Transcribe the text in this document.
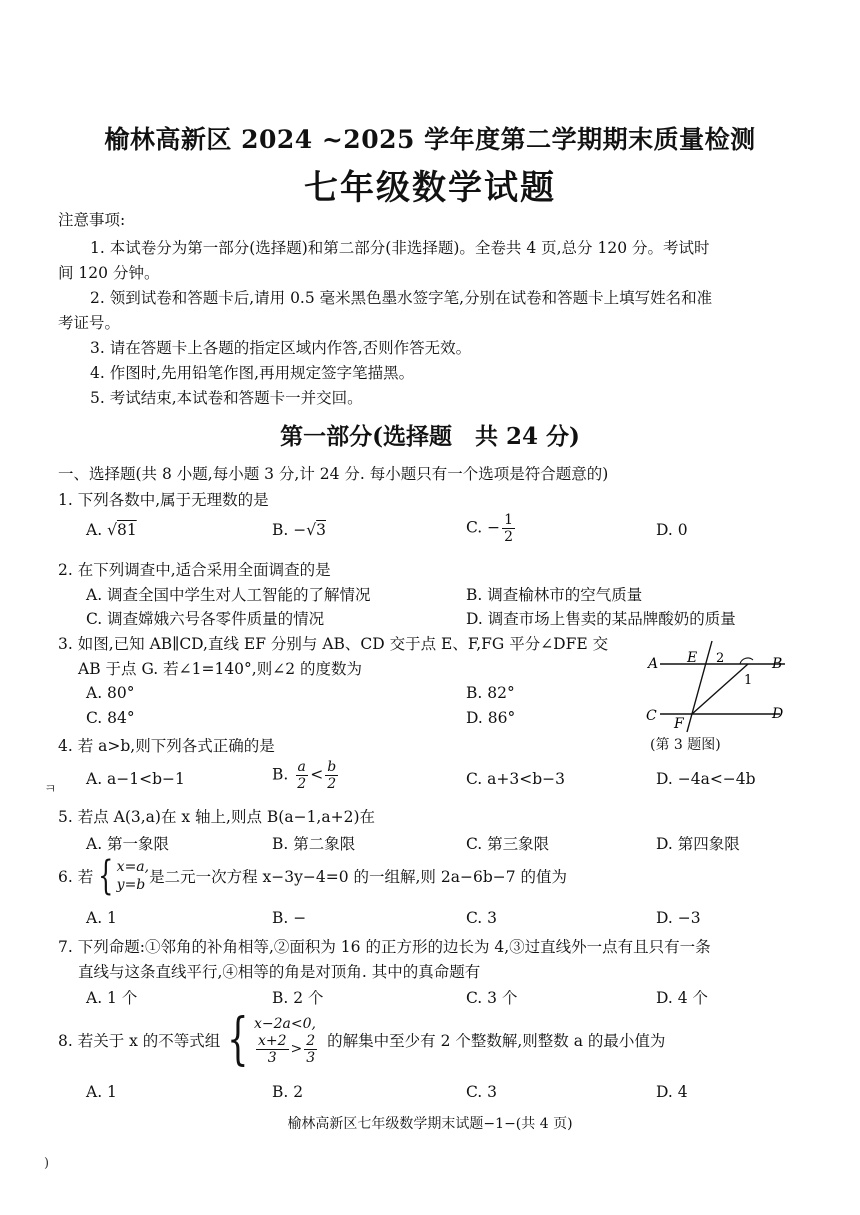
榆林高新区 2024 ~2025 学年度第二学期期末质量检测
七年级数学试题
注意事项:
1. 本试卷分为第一部分(选择题)和第二部分(非选择题)。全卷共 4 页,总分 120 分。考试时
间 120 分钟。
2. 领到试卷和答题卡后,请用 0.5 毫米黑色墨水签字笔,分别在试卷和答题卡上填写姓名和准
考证号。
3. 请在答题卡上各题的指定区域内作答,否则作答无效。
4. 作图时,先用铅笔作图,再用规定签字笔描黑。
5. 考试结束,本试卷和答题卡一并交回。
第一部分(选择题　共 24 分)
一、选择题(共 8 小题,每小题 3 分,计 24 分. 每小题只有一个选项是符合题意的)
1. 下列各数中,属于无理数的是
A. √81	B. −√3	C. − $\frac{1}{2}$	D. 0
2. 在下列调查中,适合采用全面调查的是
A. 调查全国中学生对人工智能的了解情况	B. 调查榆林市的空气质量
C. 调查嫦娥六号各零件质量的情况	D. 调查市场上售卖的某品牌酸奶的质量
3. 如图,已知 AB∥CD,直线 EF 分别与 AB、CD 交于点 E、F,FG 平分∠DFE 交
AB 于点 G. 若∠1=140°,则∠2 的度数为
A. 80°	B. 82°
C. 84°	D. 86°
A	B
C	D
E
F
1
2
(第 3 题图)
4. 若 a>b,则下列各式正确的是
A. a−1<b−1	B. $\frac{a}{2} < \frac{b}{2}$	C. a+3<b−3	D. −4a<−4b
ㅋ
5. 若点 A(3,a)在 x 轴上,则点 B(a−1,a+2)在
A. 第一象限	B. 第二象限	C. 第三象限	D. 第四象限
6. 若 { x=a,
y=b 是二元一次方程 x−3y−4=0 的一组解,则 2a−6b−7 的值为
A. 1	B. −	C. 3	D. −3
7. 下列命题:①邻角的补角相等,②面积为 16 的正方形的边长为 4,③过直线外一点有且只有一条
直线与这条直线平行,④相等的角是对顶角. 其中的真命题有
A. 1 个	B. 2 个	C. 3 个	D. 4 个
8. 若关于 x 的不等式组 { x−2a<0,
$\frac{x+2}{3} > \frac{2}{3}$ 的解集中至少有 2 个整数解,则整数 a 的最小值为
A. 1	B. 2	C. 3	D. 4
榆林高新区七年级数学期末试题−1−(共 4 页)
)
